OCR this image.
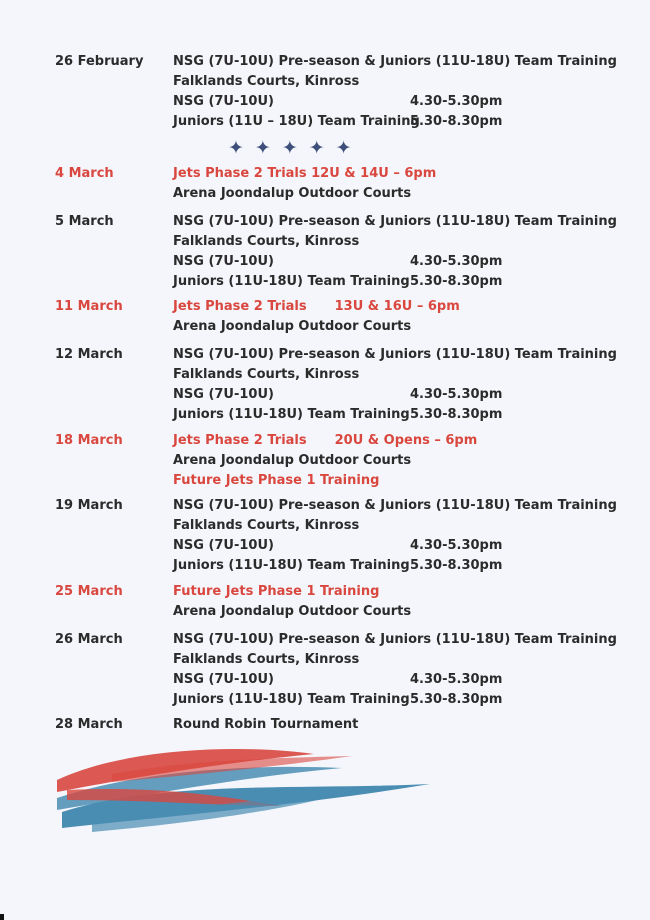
26 February	NSG (7U-10U) Pre-season & Juniors (11U-18U) Team Training
Falklands Courts, Kinross
NSG (7U-10U)	4.30-5.30pm
Juniors (11U – 18U) Team Training
5.30-8.30pm
4 March	Jets Phase 2 Trials 12U & 14U – 6pm
Arena Joondalup Outdoor Courts
5 March	NSG (7U-10U) Pre-season & Juniors (11U-18U) Team Training
Falklands Courts, Kinross
NSG (7U-10U)	4.30-5.30pm
Juniors (11U-18U) Team Training 5.30-8.30pm
11 March	Jets Phase 2 Trials 13U & 16U – 6pm
Arena Joondalup Outdoor Courts
12 March	NSG (7U-10U) Pre-season & Juniors (11U-18U) Team Training
Falklands Courts, Kinross
NSG (7U-10U)	4.30-5.30pm
Juniors (11U-18U) Team Training 5.30-8.30pm
18 March	Jets Phase 2 Trials 20U & Opens – 6pm
Arena Joondalup Outdoor Courts
Future Jets Phase 1 Training
19 March	NSG (7U-10U) Pre-season & Juniors (11U-18U) Team Training
Falklands Courts, Kinross
NSG (7U-10U)	4.30-5.30pm
Juniors (11U-18U) Team Training 5.30-8.30pm
25 March	Future Jets Phase 1 Training
Arena Joondalup Outdoor Courts
26 March	NSG (7U-10U) Pre-season & Juniors (11U-18U) Team Training
Falklands Courts, Kinross
NSG (7U-10U)	4.30-5.30pm
Juniors (11U-18U) Team Training 5.30-8.30pm
28 March	Round Robin Tournament
✦✦✦✦✦
